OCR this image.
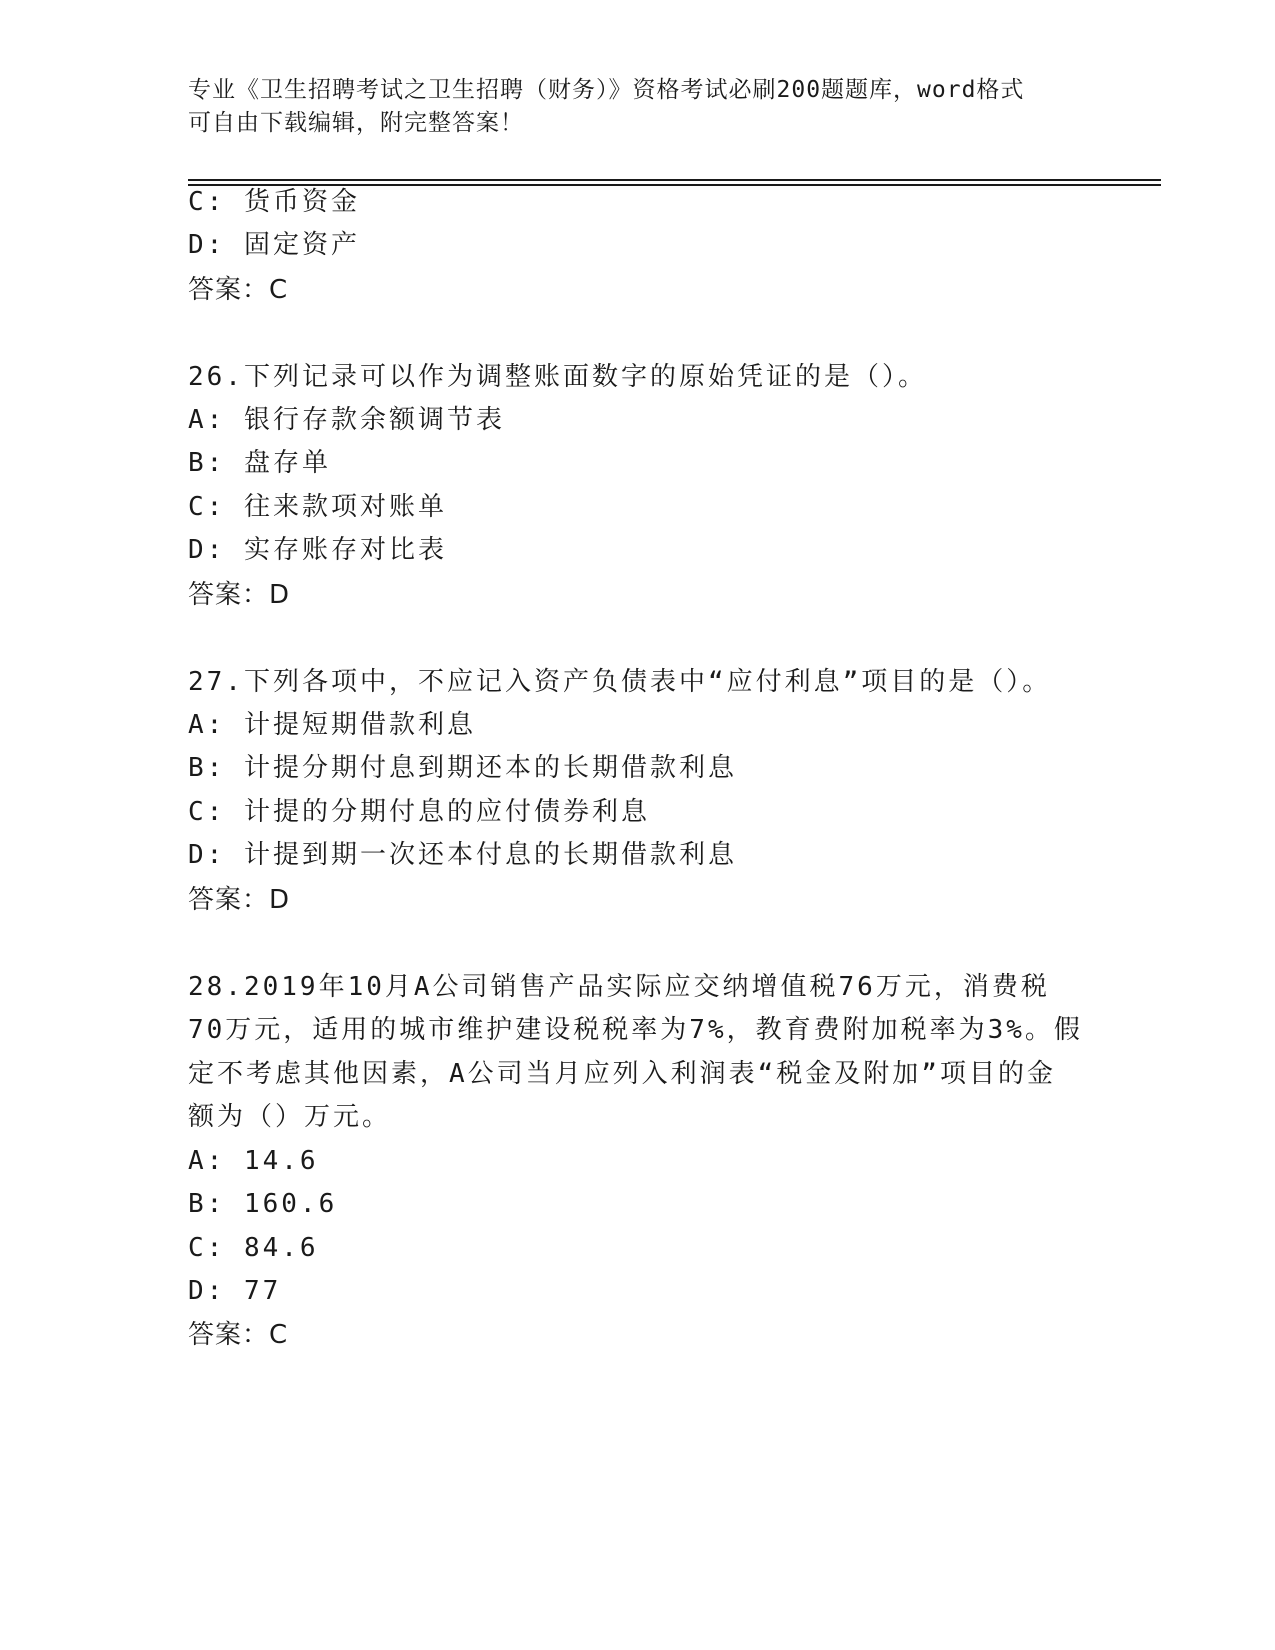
专业《卫生招聘考试之卫生招聘（财务）》资格考试必刷200题题库，word格式
可自由下载编辑，附完整答案！
C: 货币资金
D: 固定资产
答案：C
26.下列记录可以作为调整账面数字的原始凭证的是（）。
A: 银行存款余额调节表
B: 盘存单
C: 往来款项对账单
D: 实存账存对比表
答案：D
27.下列各项中，不应记入资产负债表中“应付利息”项目的是（）。
A: 计提短期借款利息
B: 计提分期付息到期还本的长期借款利息
C: 计提的分期付息的应付债券利息
D: 计提到期一次还本付息的长期借款利息
答案：D
28.2019年10月A公司销售产品实际应交纳增值税76万元，消费税
70万元，适用的城市维护建设税税率为7%，教育费附加税率为3%。假
定不考虑其他因素，A公司当月应列入利润表“税金及附加”项目的金
额为（）万元。
A: 14.6
B: 160.6
C: 84.6
D: 77
答案：C
